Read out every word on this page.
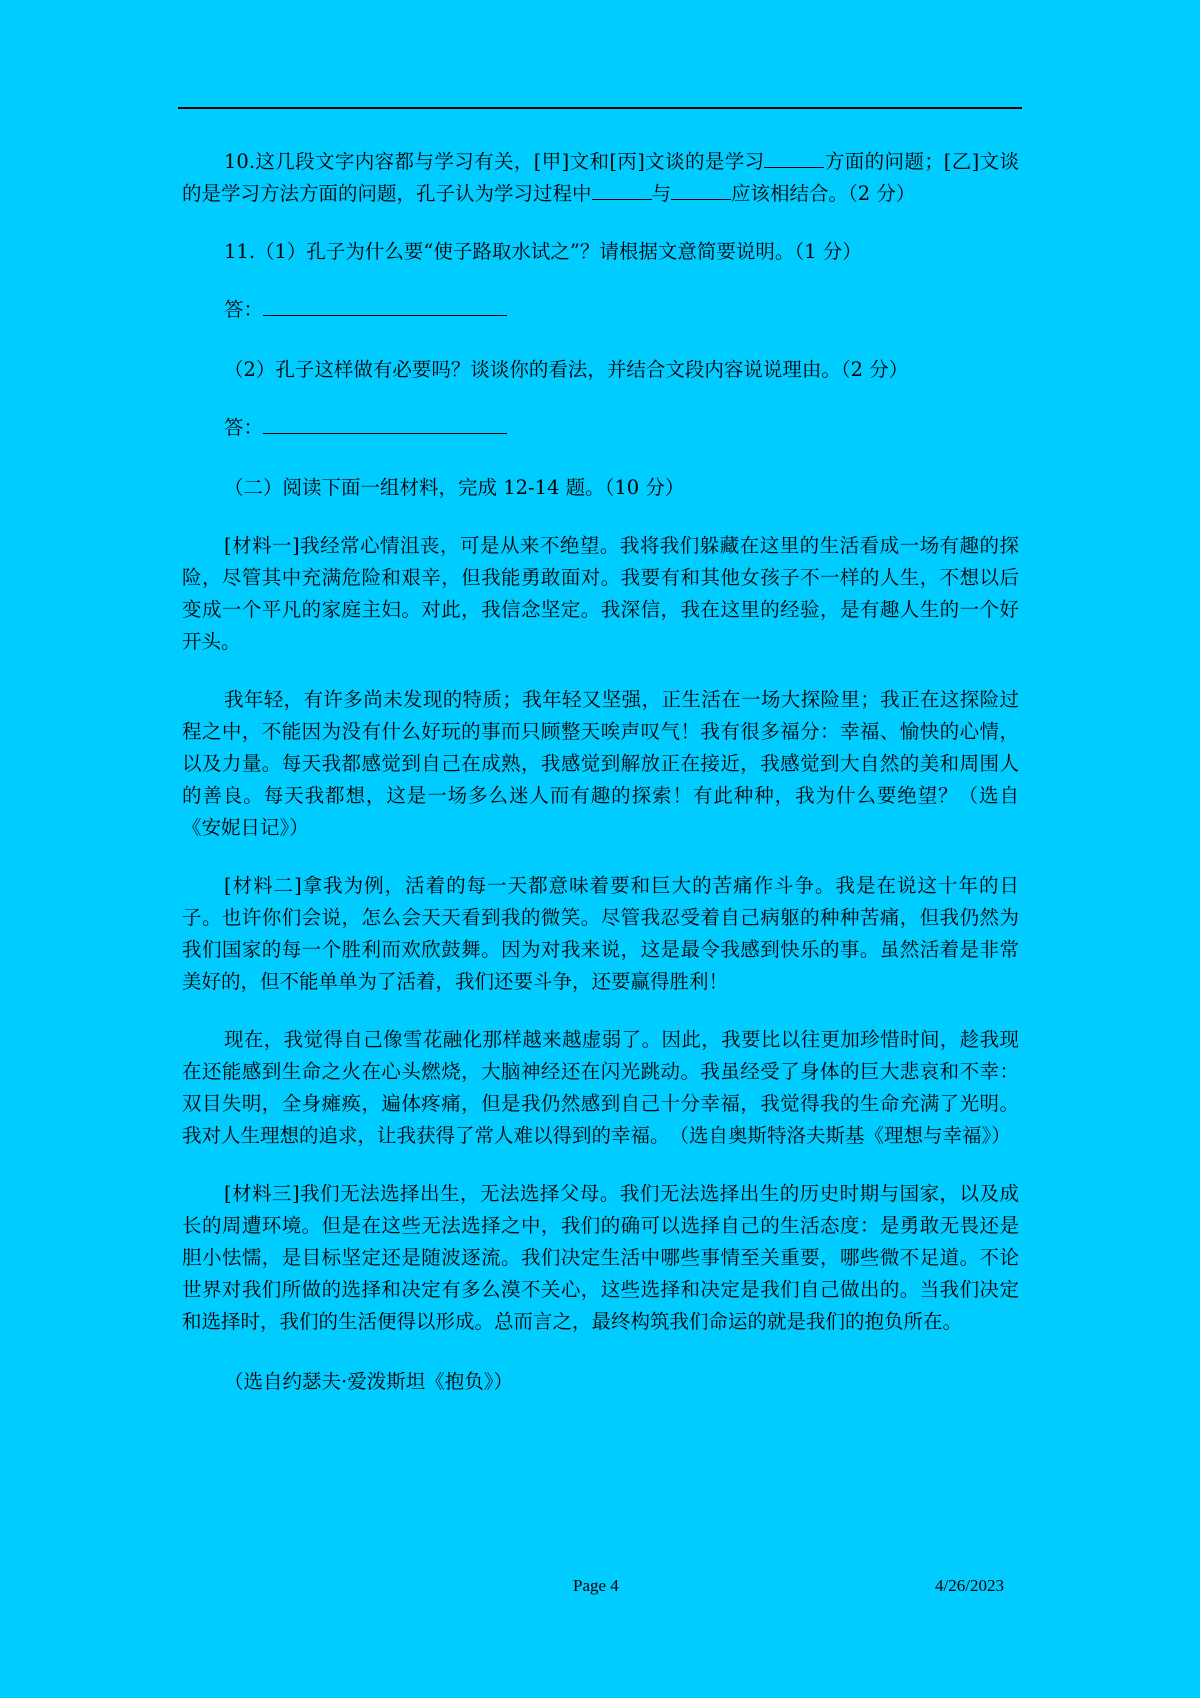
10.这几段文字内容都与学习有关，[甲]文和[丙]文谈的是学习	方面的问题；[乙]文谈的是学习方法方面的问题，孔子认为学习过程中	与	应该相结合。（2 分）

11.（1）孔子为什么要“使子路取水试之”？请根据文意简要说明。（1 分）

答：

（2）孔子这样做有必要吗？谈谈你的看法，并结合文段内容说说理由。（2 分）

答：

（二）阅读下面一组材料，完成 12-14 题。（10 分）

[材料一]我经常心情沮丧，可是从来不绝望。我将我们躲藏在这里的生活看成一场有趣的探险，尽管其中充满危险和艰辛，但我能勇敢面对。我要有和其他女孩子不一样的人生，不想以后变成一个平凡的家庭主妇。对此，我信念坚定。我深信，我在这里的经验，是有趣人生的一个好开头。

我年轻，有许多尚未发现的特质；我年轻又坚强，正生活在一场大探险里；我正在这探险过程之中，不能因为没有什么好玩的事而只顾整天唉声叹气！我有很多福分：幸福、愉快的心情，以及力量。每天我都感觉到自己在成熟，我感觉到解放正在接近，我感觉到大自然的美和周围人的善良。每天我都想，这是一场多么迷人而有趣的探索！有此种种，我为什么要绝望？（选自《安妮日记》）

[材料二]拿我为例，活着的每一天都意味着要和巨大的苦痛作斗争。我是在说这十年的日子。也许你们会说，怎么会天天看到我的微笑。尽管我忍受着自己病躯的种种苦痛，但我仍然为我们国家的每一个胜利而欢欣鼓舞。因为对我来说，这是最令我感到快乐的事。虽然活着是非常美好的，但不能单单为了活着，我们还要斗争，还要赢得胜利！

现在，我觉得自己像雪花融化那样越来越虚弱了。因此，我要比以往更加珍惜时间，趁我现在还能感到生命之火在心头燃烧，大脑神经还在闪光跳动。我虽经受了身体的巨大悲哀和不幸：双目失明，全身瘫痪，遍体疼痛，但是我仍然感到自己十分幸福，我觉得我的生命充满了光明。我对人生理想的追求，让我获得了常人难以得到的幸福。　（选自奥斯特洛夫斯基《理想与幸福》）

[材料三]我们无法选择出生，无法选择父母。我们无法选择出生的历史时期与国家，以及成长的周遭环境。但是在这些无法选择之中，我们的确可以选择自己的生活态度：是勇敢无畏还是胆小怯懦，是目标坚定还是随波逐流。我们决定生活中哪些事情至关重要，哪些微不足道。不论世界对我们所做的选择和决定有多么漠不关心，这些选择和决定是我们自己做出的。当我们决定和选择时，我们的生活便得以形成。总而言之，最终构筑我们命运的就是我们的抱负所在。

（选自约瑟夫·爱泼斯坦《抱负》）

Page 4	4/26/2023
